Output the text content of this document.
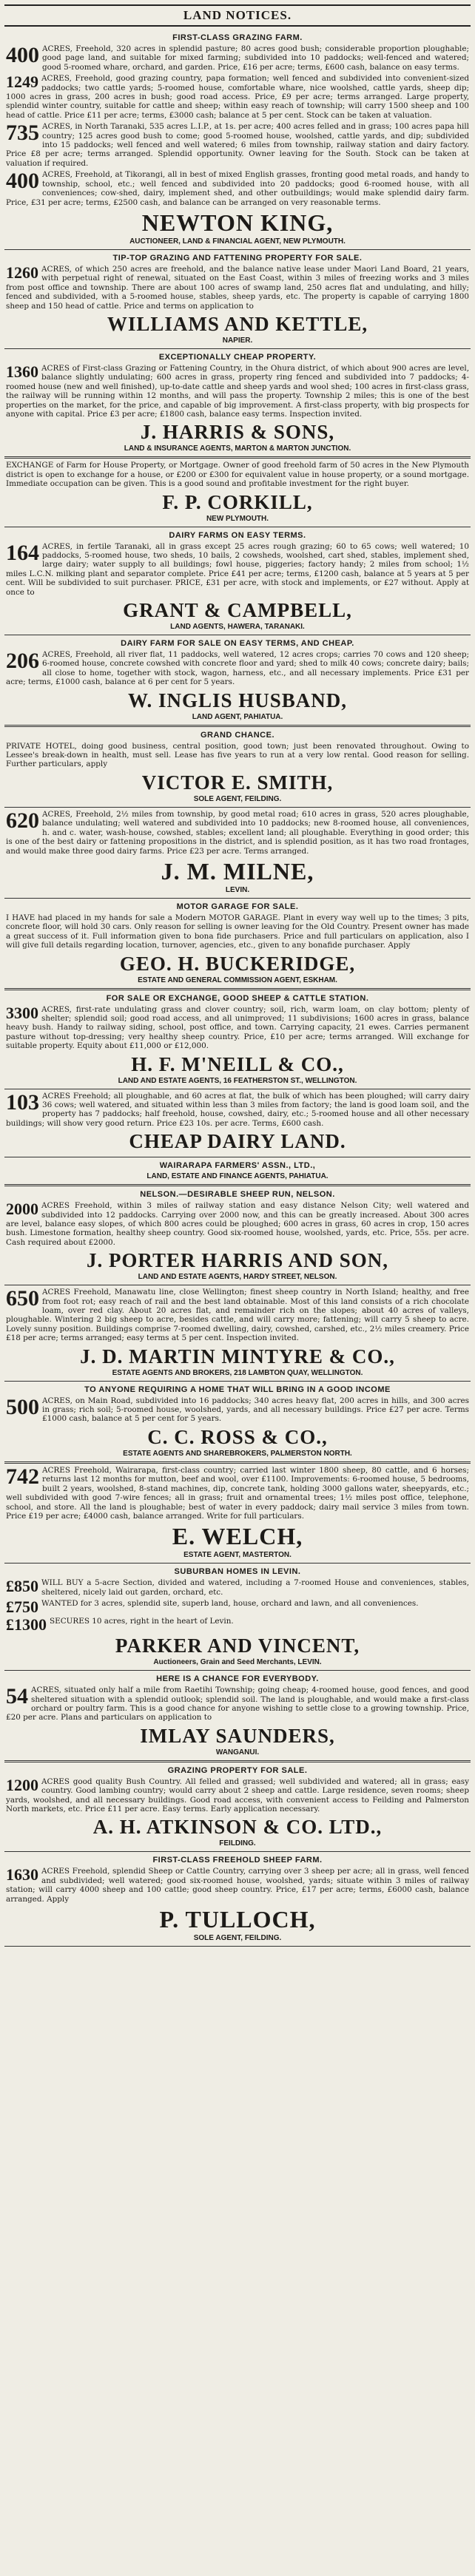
LAND NOTICES.
FIRST-CLASS GRAZING FARM.
400 ACRES, Freehold, 320 acres in splendid pasture; 80 acres good bush; considerable proportion ploughable; good page land, and suitable for mixed farming; subdivided into 10 paddocks; well-fenced and watered; good 5-roomed whare, orchard, and garden. Price, £16 per acre; terms, £600 cash, balance on easy terms.
1249 ACRES, Freehold, good grazing country, papa formation; well fenced and subdivided into convenient-sized paddocks; two cattle yards; 5-roomed house, comfortable whare, nice woolshed, cattle yards, sheep dip; 1000 acres in grass, 200 acres in bush; good road access. Price, £9 per acre; terms arranged. Large property, splendid winter country, suitable for cattle and sheep; within easy reach of township; will carry 1500 sheep and 100 head of cattle. Price £11 per acre; terms, £3000 cash; balance at 5 per cent. Stock can be taken at valuation.
735 ACRES, in North Taranaki, 535 acres L.I.P., at 1s. per acre; 400 acres felled and in grass; 100 acres papa hill country; 125 acres good bush to come; good 5-roomed house, woolshed, cattle yards, and dip; subdivided into 15 paddocks; well fenced and well watered; 6 miles from township, railway station and dairy factory. Price £8 per acre; terms arranged. Splendid opportunity. Owner leaving for the South. Stock can be taken at valuation if required.
400 ACRES, Freehold, at Tikorangi, all in best of mixed English grasses, fronting good metal roads, and handy to township, school, etc.; well fenced and subdivided into 20 paddocks; good 6-roomed house, with all conveniences; cow-shed, dairy, implement shed, and other outbuildings; would make splendid dairy farm. Price, £31 per acre; terms, £2500 cash, and balance can be arranged on very reasonable terms.
NEWTON KING,
AUCTIONEER, LAND & FINANCIAL AGENT, NEW PLYMOUTH.
TIP-TOP GRAZING AND FATTENING PROPERTY FOR SALE.
1260 ACRES, of which 250 acres are freehold, and the balance native lease under Maori Land Board, 21 years, with perpetual right of renewal, situated on the East Coast, within 3 miles of freezing works and 3 miles from post office and township. There are about 100 acres of swamp land, 250 acres flat and undulating, and hilly; fenced and subdivided, with a 5-roomed house, stables, sheep yards, etc. The property is capable of carrying 1800 sheep and 150 head of cattle. Price and terms on application to
WILLIAMS AND KETTLE,
NAPIER.
EXCEPTIONALLY CHEAP PROPERTY.
1360 ACRES of First-class Grazing or Fattening Country, in the Ohura district, of which about 900 acres are level, balance slightly undulating; 600 acres in grass, property ring fenced and subdivided into 7 paddocks; 4-roomed house (new and well finished), up-to-date cattle and sheep yards and wool shed; 100 acres in first-class grass, the railway will be running within 12 months, and will pass the property. Township 2 miles; this is one of the best properties on the market, for the price, and capable of big improvement. A first-class property, with big prospects for anyone with capital. Price £3 per acre; £1800 cash, balance easy terms. Inspection invited.
J. HARRIS & SONS,
LAND & INSURANCE AGENTS, MARTON & MARTON JUNCTION.
EXCHANGE of Farm for House Property, or Mortgage. Owner of good freehold farm of 50 acres in the New Plymouth district is open to exchange for a house, or £200 or £300 for equivalent value in house property, or a sound mortgage. Immediate occupation can be given. This is a good sound and profitable investment for the right buyer.
F. P. CORKILL,
NEW PLYMOUTH.
DAIRY FARMS ON EASY TERMS.
164 ACRES, in fertile Taranaki, all in grass except 25 acres rough grazing; 60 to 65 cows; well watered; 10 paddocks, 5-roomed house, two sheds, 10 bails, 2 cowsheds, woolshed, cart shed, stables, implement shed, large dairy; water supply to all buildings; fowl house, piggeries; factory handy; 2 miles from school; 1½ miles L.C.N. milking plant and separator complete. Price £41 per acre; terms, £1200 cash, balance at 5 years at 5 per cent. Will be subdivided to suit purchaser. PRICE, £31 per acre, with stock and implements, or £27 without. Apply at once to
GRANT & CAMPBELL,
LAND AGENTS, HAWERA, TARANAKI.
DAIRY FARM FOR SALE ON EASY TERMS, AND CHEAP.
206 ACRES, Freehold, all river flat, 11 paddocks, well watered, 12 acres crops; carries 70 cows and 120 sheep; 6-roomed house, concrete cowshed with concrete floor and yard; shed to milk 40 cows; concrete dairy; bails; all close to home, together with stock, wagon, harness, etc., and all necessary implements. Price £31 per acre; terms, £1000 cash, balance at 6 per cent for 5 years.
W. INGLIS HUSBAND,
LAND AGENT, PAHIATUA.
GRAND CHANCE.
PRIVATE HOTEL, doing good business, central position, good town; just been renovated throughout. Owing to Lessee's break-down in health, must sell. Lease has five years to run at a very low rental. Good reason for selling. Further particulars, apply
VICTOR E. SMITH,
SOLE AGENT, FEILDING.
620 ACRES, Freehold, 2½ miles from township, by good metal road; 610 acres in grass, 520 acres ploughable, balance undulating; well watered and subdivided into 10 paddocks; new 8-roomed house, all conveniences, h. and c. water, wash-house, cowshed, stables; excellent land; all ploughable. Everything in good order; this is one of the best dairy or fattening propositions in the district, and is splendid position, as it has two road frontages, and would make three good dairy farms. Price £23 per acre. Terms arranged.
J. M. MILNE,
LEVIN.
MOTOR GARAGE FOR SALE.
I HAVE had placed in my hands for sale a Modern MOTOR GARAGE. Plant in every way well up to the times; 3 pits, concrete floor, will hold 30 cars. Only reason for selling is owner leaving for the Old Country. Present owner has made a great success of it. Full information given to bona fide purchasers. Price and full particulars on application, also I will give full details regarding location, turnover, agencies, etc., given to any bonafide purchaser. Apply
GEO. H. BUCKERIDGE,
ESTATE AND GENERAL COMMISSION AGENT, ESKHAM.
FOR SALE OR EXCHANGE, GOOD SHEEP & CATTLE STATION.
3300 ACRES, first-rate undulating grass and clover country; soil, rich, warm loam, on clay bottom; plenty of shelter; splendid soil; good road access, and all unimproved; 11 subdivisions; 1600 acres in grass, balance heavy bush. Handy to railway siding, school, post office, and town. Carrying capacity, 21 ewes. Carries permanent pasture without top-dressing; very healthy sheep country. Price, £10 per acre; terms arranged. Will exchange for suitable property. Equity about £11,000 or £12,000.
H. F. M'NEILL & CO.,
LAND AND ESTATE AGENTS, 16 FEATHERSTON ST., WELLINGTON.
103 ACRES Freehold; all ploughable, and 60 acres at flat, the bulk of which has been ploughed; will carry dairy 36 cows; well watered, and situated within less than 3 miles from factory; the land is good loam soil, and the property has 7 paddocks; half freehold, house, cowshed, dairy, etc.; 5-roomed house and all other necessary buildings; will show very good return. Price £23 10s. per acre. Terms, £600 cash.
CHEAP DAIRY LAND.
WAIRARAPA FARMERS' ASSN., LTD.,
LAND, ESTATE AND FINANCE AGENTS, PAHIATUA.
NELSON.—DESIRABLE SHEEP RUN, NELSON.
2000 ACRES Freehold, within 3 miles of railway station and easy distance Nelson City; well watered and subdivided into 12 paddocks. Carrying over 2000 now, and this can be greatly increased. About 300 acres are level, balance easy slopes, of which 800 acres could be ploughed; 600 acres in grass, 60 acres in crop, 150 acres bush. Limestone formation, healthy sheep country. Good six-roomed house, woolshed, yards, etc. Price, 55s. per acre. Cash required about £2000.
J. PORTER HARRIS AND SON,
LAND AND ESTATE AGENTS, HARDY STREET, NELSON.
650 ACRES Freehold, Manawatu line, close Wellington; finest sheep country in North Island; healthy, and free from foot rot; easy reach of rail and the best land obtainable. Most of this land consists of a rich chocolate loam, over red clay. About 20 acres flat, and remainder rich on the slopes; about 40 acres of valleys, ploughable. Wintering 2 big sheep to acre, besides cattle, and will carry more; fattening; will carry 5 sheep to acre. Lovely sunny position. Buildings comprise 7-roomed dwelling, dairy, cowshed, carshed, etc., 2½ miles creamery. Price £18 per acre; terms arranged; easy terms at 5 per cent. Inspection invited.
J. D. MARTIN MINTYRE & CO.,
ESTATE AGENTS AND BROKERS, 218 LAMBTON QUAY, WELLINGTON.
TO ANYONE REQUIRING A HOME THAT WILL BRING IN A GOOD INCOME
500 ACRES, on Main Road, subdivided into 16 paddocks; 340 acres heavy flat, 200 acres in hills, and 300 acres in grass; rich soil; 5-roomed house, woolshed, yards, and all necessary buildings. Price £27 per acre. Terms £1000 cash, balance at 5 per cent for 5 years.
C. C. ROSS & CO.,
ESTATE AGENTS AND SHAREBROKERS, PALMERSTON NORTH.
742 ACRES Freehold, Wairarapa, first-class country; carried last winter 1800 sheep, 80 cattle, and 6 horses; returns last 12 months for mutton, beef and wool, over £1100. Improvements: 6-roomed house, 5 bedrooms, built 2 years, woolshed, 8-stand machines, dip, concrete tank, holding 3000 gallons water, sheepyards, etc.; well subdivided with good 7-wire fences; all in grass; fruit and ornamental trees; 1½ miles post office, telephone, school, and store. All the land is ploughable; best of water in every paddock; dairy mail service 3 miles from town. Price £19 per acre; £4000 cash, balance arranged. Write for full particulars.
E. WELCH,
ESTATE AGENT, MASTERTON.
SUBURBAN HOMES IN LEVIN.
£850 WILL BUY a 5-acre Section, divided and watered, including a 7-roomed House and conveniences, stables, sheltered, nicely laid out garden, orchard, etc.
£750 WANTED for 3 acres, splendid site, superb land, house, orchard and lawn, and all conveniences.
£1300 SECURES 10 acres, right in the heart of Levin.
PARKER AND VINCENT,
Auctioneers, Grain and Seed Merchants, LEVIN.
HERE IS A CHANCE FOR EVERYBODY.
54 ACRES, situated only half a mile from Raetihi Township; going cheap; 4-roomed house, good fences, and good sheltered situation with a splendid outlook; splendid soil. The land is ploughable, and would make a first-class orchard or poultry farm. This is a good chance for anyone wishing to settle close to a growing township. Price, £20 per acre. Plans and particulars on application to
IMLAY SAUNDERS,
WANGANUI.
GRAZING PROPERTY FOR SALE.
1200 ACRES good quality Bush Country. All felled and grassed; well subdivided and watered; all in grass; easy country. Good lambing country; would carry about 2 sheep and cattle. Large residence, seven rooms; sheep yards, woolshed, and all necessary buildings. Good road access, with convenient access to Feilding and Palmerston North markets, etc. Price £11 per acre. Easy terms. Early application necessary.
A. H. ATKINSON & CO. LTD.,
FEILDING.
FIRST-CLASS FREEHOLD SHEEP FARM.
1630 ACRES Freehold, splendid Sheep or Cattle Country, carrying over 3 sheep per acre; all in grass, well fenced and subdivided; well watered; good six-roomed house, woolshed, yards; situate within 3 miles of railway station; will carry 4000 sheep and 100 cattle; good sheep country. Price, £17 per acre; terms, £6000 cash, balance arranged. Apply
P. TULLOCH,
SOLE AGENT, FEILDING.
